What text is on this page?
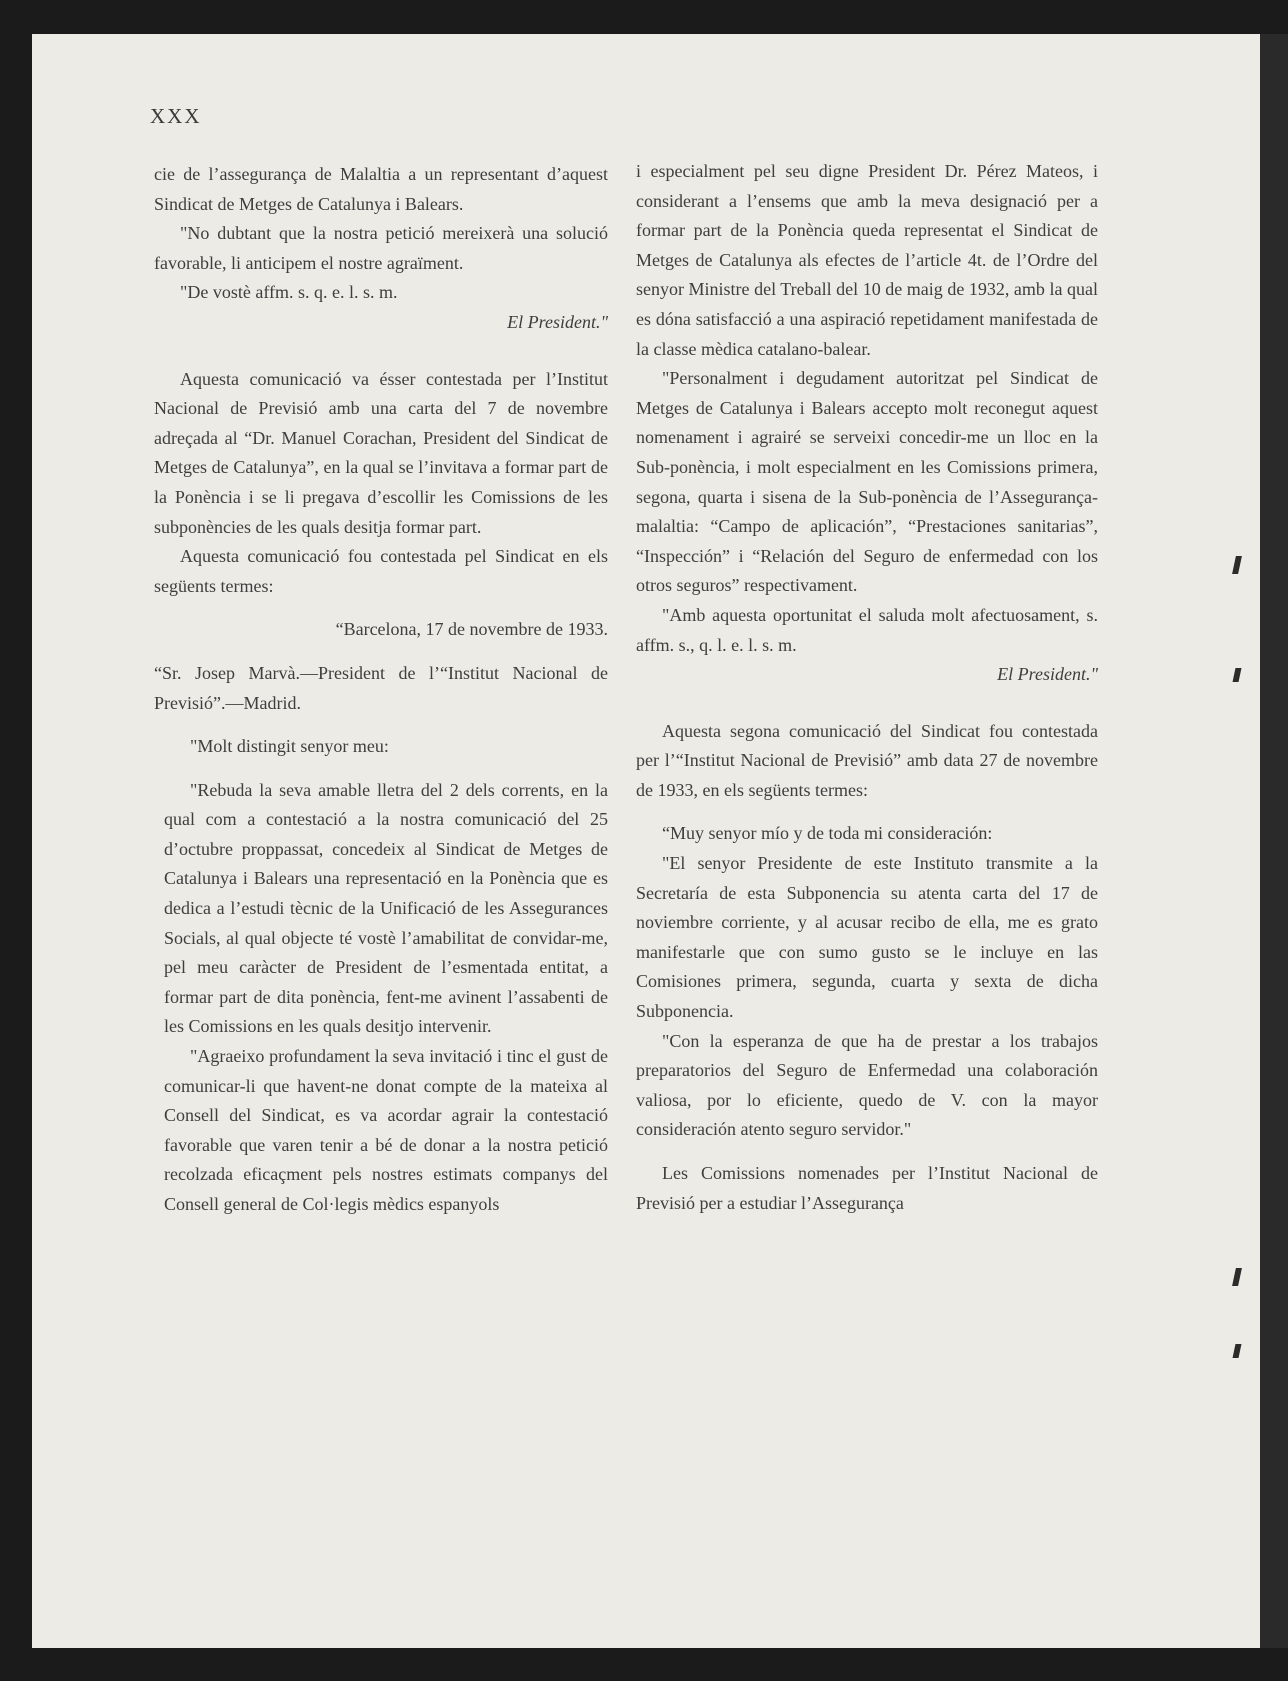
XXX

cie de l’assegurança de Malaltia a un representant d’aquest Sindicat de Metges de Catalunya i Balears.

"No dubtant que la nostra petició mereixerà una solució favorable, li anticipem el nostre agraïment.

"De vostè affm. s. q. e. l. s. m.

El President."

Aquesta comunicació va ésser contestada per l’Institut Nacional de Previsió amb una carta del 7 de novembre adreçada al “Dr. Manuel Corachan, President del Sindicat de Metges de Catalunya”, en la qual se l’invitava a formar part de la Ponència i se li pregava d’escollir les Comissions de les subponències de les quals desitja formar part.

Aquesta comunicació fou contestada pel Sindicat en els següents termes:

“Barcelona, 17 de novembre de 1933.

“Sr. Josep Marvà.—President de l’“Institut Nacional de Previsió”.—Madrid.

"Molt distingit senyor meu:

"Rebuda la seva amable lletra del 2 dels corrents, en la qual com a contestació a la nostra comunicació del 25 d’octubre proppassat, concedeix al Sindicat de Metges de Catalunya i Balears una representació en la Ponència que es dedica a l’estudi tècnic de la Unificació de les Assegurances Socials, al qual objecte té vostè l’amabilitat de convidar-me, pel meu caràcter de President de l’esmentada entitat, a formar part de dita ponència, fent-me avinent l’assabenti de les Comissions en les quals desitjo intervenir.

"Agraeixo profundament la seva invitació i tinc el gust de comunicar-li que havent-ne donat compte de la mateixa al Consell del Sindicat, es va acordar agrair la contestació favorable que varen tenir a bé de donar a la nostra petició recolzada eficaçment pels nostres estimats companys del Consell general de Col·legis mèdics espanyols

i especialment pel seu digne President Dr. Pérez Mateos, i considerant a l’ensems que amb la meva designació per a formar part de la Ponència queda representat el Sindicat de Metges de Catalunya als efectes de l’article 4t. de l’Ordre del senyor Ministre del Treball del 10 de maig de 1932, amb la qual es dóna satisfacció a una aspiració repetidament manifestada de la classe mèdica catalano-balear.

"Personalment i degudament autoritzat pel Sindicat de Metges de Catalunya i Balears accepto molt reconegut aquest nomenament i agrairé se serveixi concedir-me un lloc en la Sub-ponència, i molt especialment en les Comissions primera, segona, quarta i sisena de la Sub-ponència de l’Assegurança-malaltia: “Campo de aplicación”, “Prestaciones sanitarias”, “Inspección” i “Relación del Seguro de enfermedad con los otros seguros” respectivament.

"Amb aquesta oportunitat el saluda molt afectuosament, s. affm. s., q. l. e. l. s. m.

El President."

Aquesta segona comunicació del Sindicat fou contestada per l’“Institut Nacional de Previsió” amb data 27 de novembre de 1933, en els següents termes:

“Muy senyor mío y de toda mi consideración:

"El senyor Presidente de este Instituto transmite a la Secretaría de esta Subponencia su atenta carta del 17 de noviembre corriente, y al acusar recibo de ella, me es grato manifestarle que con sumo gusto se le incluye en las Comisiones primera, segunda, cuarta y sexta de dicha Subponencia.

"Con la esperanza de que ha de prestar a los trabajos preparatorios del Seguro de Enfermedad una colaboración valiosa, por lo eficiente, quedo de V. con la mayor consideración atento seguro servidor."

Les Comissions nomenades per l’Institut Nacional de Previsió per a estudiar l’Assegurança
